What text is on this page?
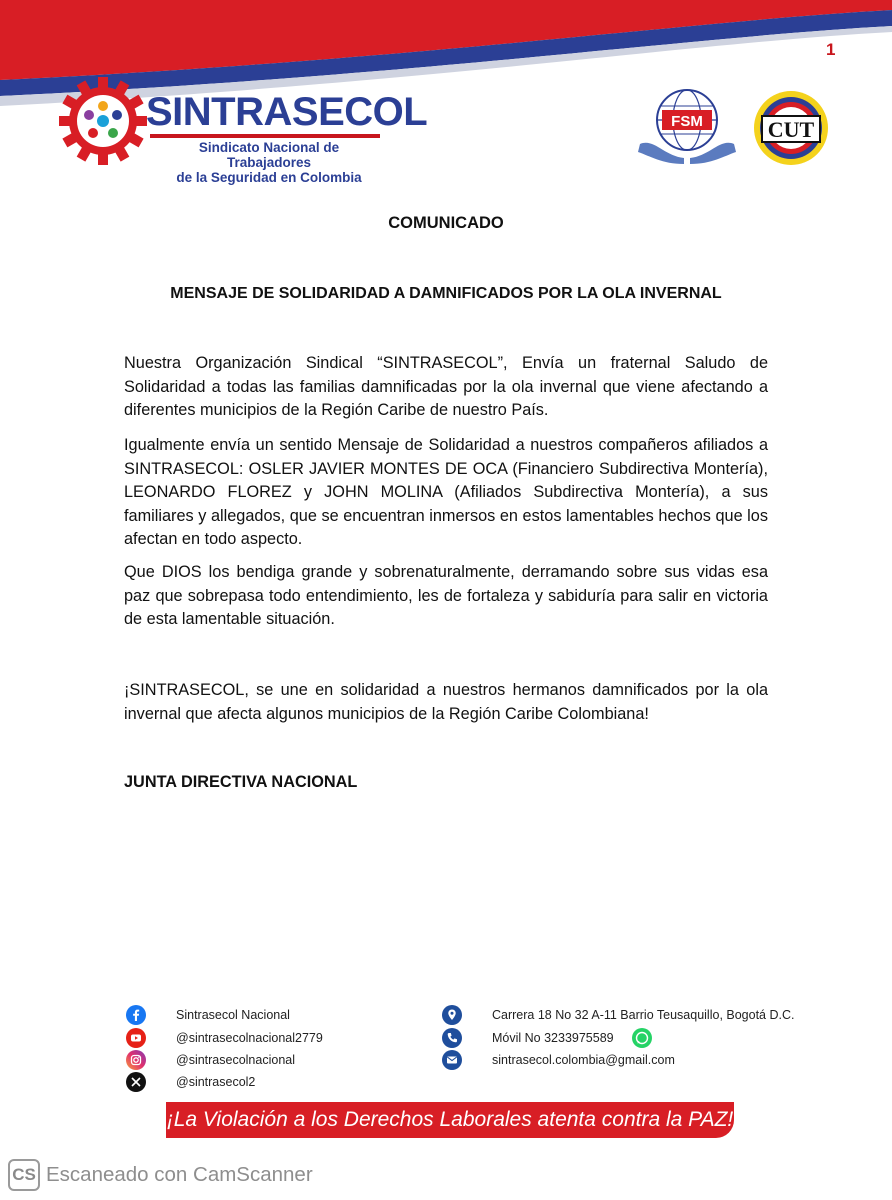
1
SINTRASECOL
Sindicato Nacional de Trabajadores
de la Seguridad en Colombia
FSM	CUT
COMUNICADO
MENSAJE DE SOLIDARIDAD A DAMNIFICADOS POR LA OLA INVERNAL
Nuestra Organización Sindical “SINTRASECOL”, Envía un fraternal Saludo de Solidaridad a todas las familias damnificadas por la ola invernal que viene afectando a diferentes municipios de la Región Caribe de nuestro País.
Igualmente envía un sentido Mensaje de Solidaridad a nuestros compañeros afiliados a SINTRASECOL: OSLER JAVIER MONTES DE OCA (Financiero Subdirectiva Montería), LEONARDO FLOREZ y JOHN MOLINA (Afiliados Subdirectiva Montería), a sus familiares y allegados, que se encuentran inmersos en estos lamentables hechos que los afectan en todo aspecto.
Que DIOS los bendiga grande y sobrenaturalmente, derramando sobre sus vidas esa paz que sobrepasa todo entendimiento, les de fortaleza y sabiduría para salir en victoria de esta lamentable situación.
¡SINTRASECOL, se une en solidaridad a nuestros hermanos damnificados por la ola invernal que afecta algunos municipios de la Región Caribe Colombiana!
JUNTA DIRECTIVA NACIONAL
Sintrasecol Nacional
@sintrasecolnacional2779
@sintrasecolnacional
@sintrasecol2
Carrera 18 No 32 A-11 Barrio Teusaquillo, Bogotá D.C.
Móvil No 3233975589
sintrasecol.colombia@gmail.com
¡La Violación a los Derechos Laborales atenta contra la PAZ!
CS Escaneado con CamScanner
